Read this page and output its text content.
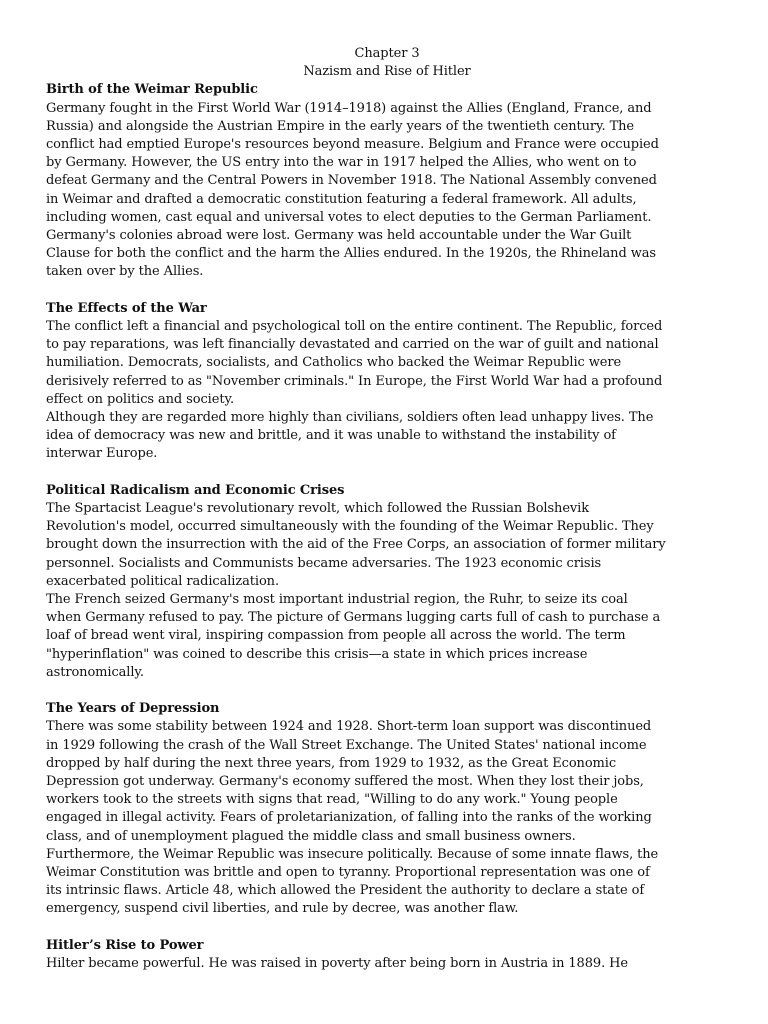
Chapter 3
Nazism and Rise of Hitler
Birth of the Weimar Republic

Germany fought in the First World War (1914–1918) against the Allies (England, France, and Russia) and alongside the Austrian Empire in the early years of the twentieth century. The conflict had emptied Europe's resources beyond measure. Belgium and France were occupied by Germany. However, the US entry into the war in 1917 helped the Allies, who went on to defeat Germany and the Central Powers in November 1918. The National Assembly convened in Weimar and drafted a democratic constitution featuring a federal framework. All adults, including women, cast equal and universal votes to elect deputies to the German Parliament. Germany's colonies abroad were lost. Germany was held accountable under the War Guilt Clause for both the conflict and the harm the Allies endured. In the 1920s, the Rhineland was taken over by the Allies.

The Effects of the War

The conflict left a financial and psychological toll on the entire continent. The Republic, forced to pay reparations, was left financially devastated and carried on the war of guilt and national humiliation. Democrats, socialists, and Catholics who backed the Weimar Republic were derisively referred to as "November criminals." In Europe, the First World War had a profound effect on politics and society.

Although they are regarded more highly than civilians, soldiers often lead unhappy lives. The idea of democracy was new and brittle, and it was unable to withstand the instability of interwar Europe.

Political Radicalism and Economic Crises

The Spartacist League's revolutionary revolt, which followed the Russian Bolshevik Revolution's model, occurred simultaneously with the founding of the Weimar Republic. They brought down the insurrection with the aid of the Free Corps, an association of former military personnel. Socialists and Communists became adversaries. The 1923 economic crisis exacerbated political radicalization.

The French seized Germany's most important industrial region, the Ruhr, to seize its coal when Germany refused to pay. The picture of Germans lugging carts full of cash to purchase a loaf of bread went viral, inspiring compassion from people all across the world. The term "hyperinflation" was coined to describe this crisis—a state in which prices increase astronomically.

The Years of Depression

There was some stability between 1924 and 1928. Short-term loan support was discontinued in 1929 following the crash of the Wall Street Exchange. The United States' national income dropped by half during the next three years, from 1929 to 1932, as the Great Economic Depression got underway. Germany's economy suffered the most. When they lost their jobs, workers took to the streets with signs that read, "Willing to do any work." Young people engaged in illegal activity. Fears of proletarianization, of falling into the ranks of the working class, and of unemployment plagued the middle class and small business owners.

Furthermore, the Weimar Republic was insecure politically. Because of some innate flaws, the Weimar Constitution was brittle and open to tyranny. Proportional representation was one of its intrinsic flaws. Article 48, which allowed the President the authority to declare a state of emergency, suspend civil liberties, and rule by decree, was another flaw.

Hitler’s Rise to Power

Hilter became powerful. He was raised in poverty after being born in Austria in 1889. He
